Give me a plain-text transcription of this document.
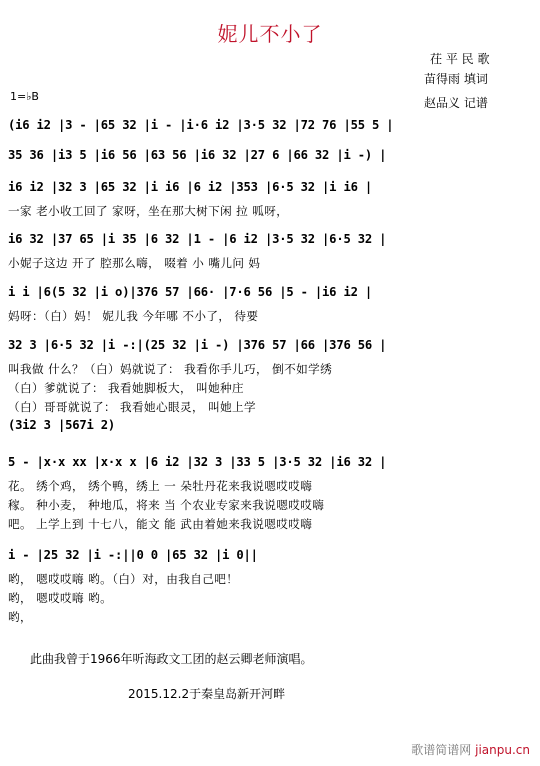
妮儿不小了
茌 平 民 歌
苗得雨 填词
赵品义 记谱
1=♭B
(i6 i2 |3 - |65 32 |i - |i·6 i2 |3·5 32 |72 76 |55 5 |
35 36 |i3 5 |i6 56 |63 56 |i6 32 |27 6 |66 32 |i -) |
i6 i2 |32 3 |65 32 |i i6 |6 i2 |353 |6·5 32 |i i6 |
一家 老小收工回了 家呀，坐在那大树下闲 拉 呱呀，
i6 32 |37 65 |i 35 |6 32 |1 - |6 i2 |3·5 32 |6·5 32 |
小妮子这边 开了 腔那么嗨， 啜着 小 嘴儿问 妈
i i |6(5 32 |i o)|376 57 |66· |7·6 56 |5 - |i6 i2 |
妈呀：（白）妈！ 妮儿我 今年哪 不小了， 待要
32 3 |6·5 32 |i -:|(25 32 |i -) |376 57 |66 |376 56 |
叫我做 什么？（白）妈就说了： 我看你手儿巧， 倒不如学绣
（白）爹就说了： 我看她脚板大， 叫她种庄
（白）哥哥就说了： 我看她心眼灵， 叫她上学
(3i2 3 |567i 2)
5 - |x·x xx |x·x x |6 i2 |32 3 |33 5 |3·5 32 |i6 32 |
花。 绣个鸡， 绣个鸭，绣上 一 朵牡丹花来我说嗯哎哎嗨
稼。 种小麦， 种地瓜，将来 当 个农业专家来我说嗯哎哎嗨
吧。 上学上到 十七八，能文 能 武由着她来我说嗯哎哎嗨
i - |25 32 |i -:||0 0 |65 32 |i 0||
哟， 嗯哎哎嗨 哟。（白）对，由我自己吧！
哟， 嗯哎哎嗨 哟。
哟，
此曲我曾于1966年听海政文工团的赵云卿老师演唱。
2015.12.2于秦皇岛新开河畔
歌谱简谱网 jianpu.cn
